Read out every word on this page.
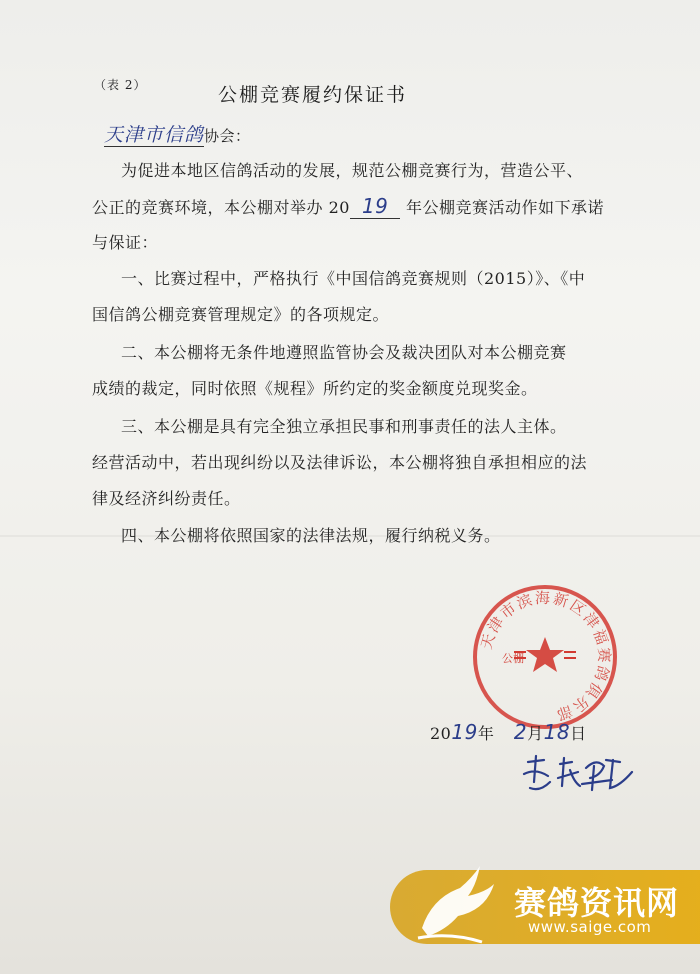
（表 2）	公棚竞赛履约保证书
天津市信鸽协会：
为促进本地区信鸽活动的发展，规范公棚竞赛行为，营造公平、
公正的竞赛环境，本公棚对举办 20 19 年公棚竞赛活动作如下承诺
与保证：
一、比赛过程中，严格执行《中国信鸽竞赛规则（2015）》、《中
国信鸽公棚竞赛管理规定》的各项规定。
二、本公棚将无条件地遵照监管协会及裁决团队对本公棚竞赛
成绩的裁定，同时依照《规程》所约定的奖金额度兑现奖金。
三、本公棚是具有完全独立承担民事和刑事责任的法人主体。
经营活动中，若出现纠纷以及法律诉讼，本公棚将独自承担相应的法
律及经济纠纷责任。
四、本公棚将依照国家的法律法规，履行纳税义务。
天津市滨海新区津福赛鸽俱乐部
公棚
2019年 2月18日
赛鸽资讯网
www.saige.com
